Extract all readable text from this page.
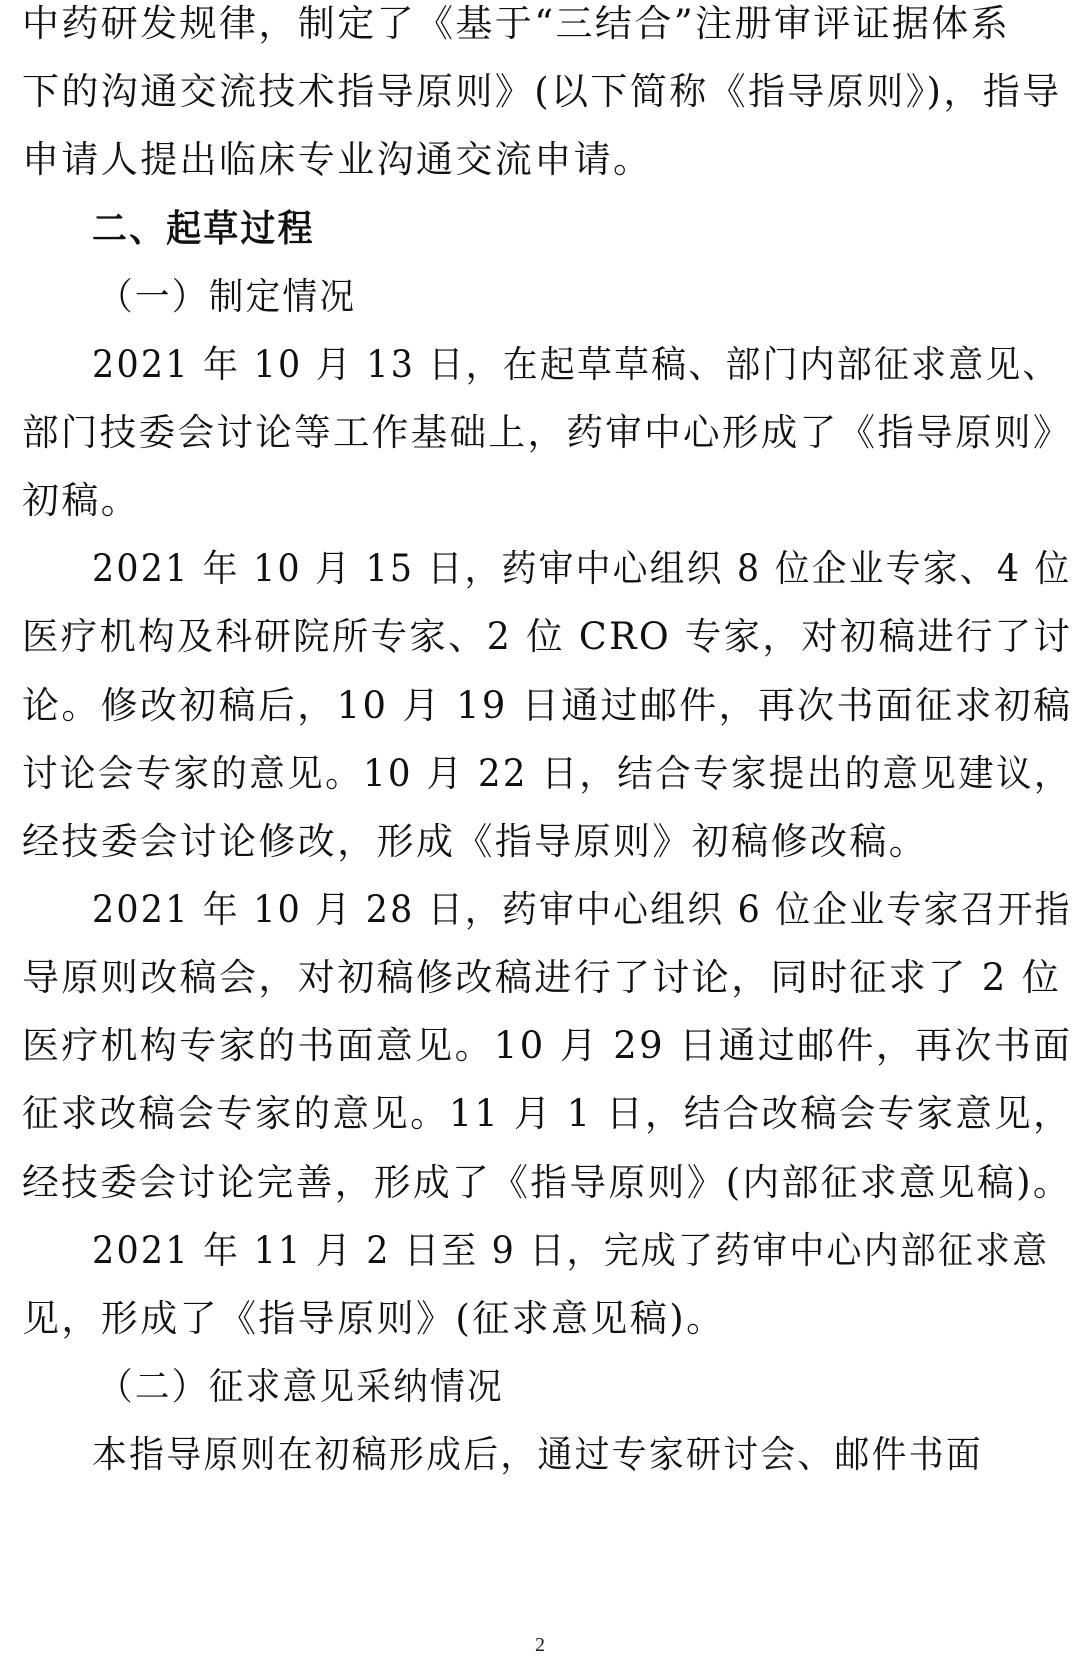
中药研发规律，制定了《基于“三结合”注册审评证据体系
下的沟通交流技术指导原则》(以下简称《指导原则》)，指导
申请人提出临床专业沟通交流申请。
二、起草过程
（一）制定情况
2021 年 10 月 13 日，在起草草稿、部门内部征求意见、
部门技委会讨论等工作基础上，药审中心形成了《指导原则》
初稿。
2021 年 10 月 15 日，药审中心组织 8 位企业专家、4 位
医疗机构及科研院所专家、2 位 CRO 专家，对初稿进行了讨
论。修改初稿后，10 月 19 日通过邮件，再次书面征求初稿
讨论会专家的意见。10 月 22 日，结合专家提出的意见建议，
经技委会讨论修改，形成《指导原则》初稿修改稿。
2021 年 10 月 28 日，药审中心组织 6 位企业专家召开指
导原则改稿会，对初稿修改稿进行了讨论，同时征求了 2 位
医疗机构专家的书面意见。10 月 29 日通过邮件，再次书面
征求改稿会专家的意见。11 月 1 日，结合改稿会专家意见，
经技委会讨论完善，形成了《指导原则》(内部征求意见稿)。
2021 年 11 月 2 日至 9 日，完成了药审中心内部征求意
见，形成了《指导原则》(征求意见稿)。
（二）征求意见采纳情况
本指导原则在初稿形成后，通过专家研讨会、邮件书面
2
